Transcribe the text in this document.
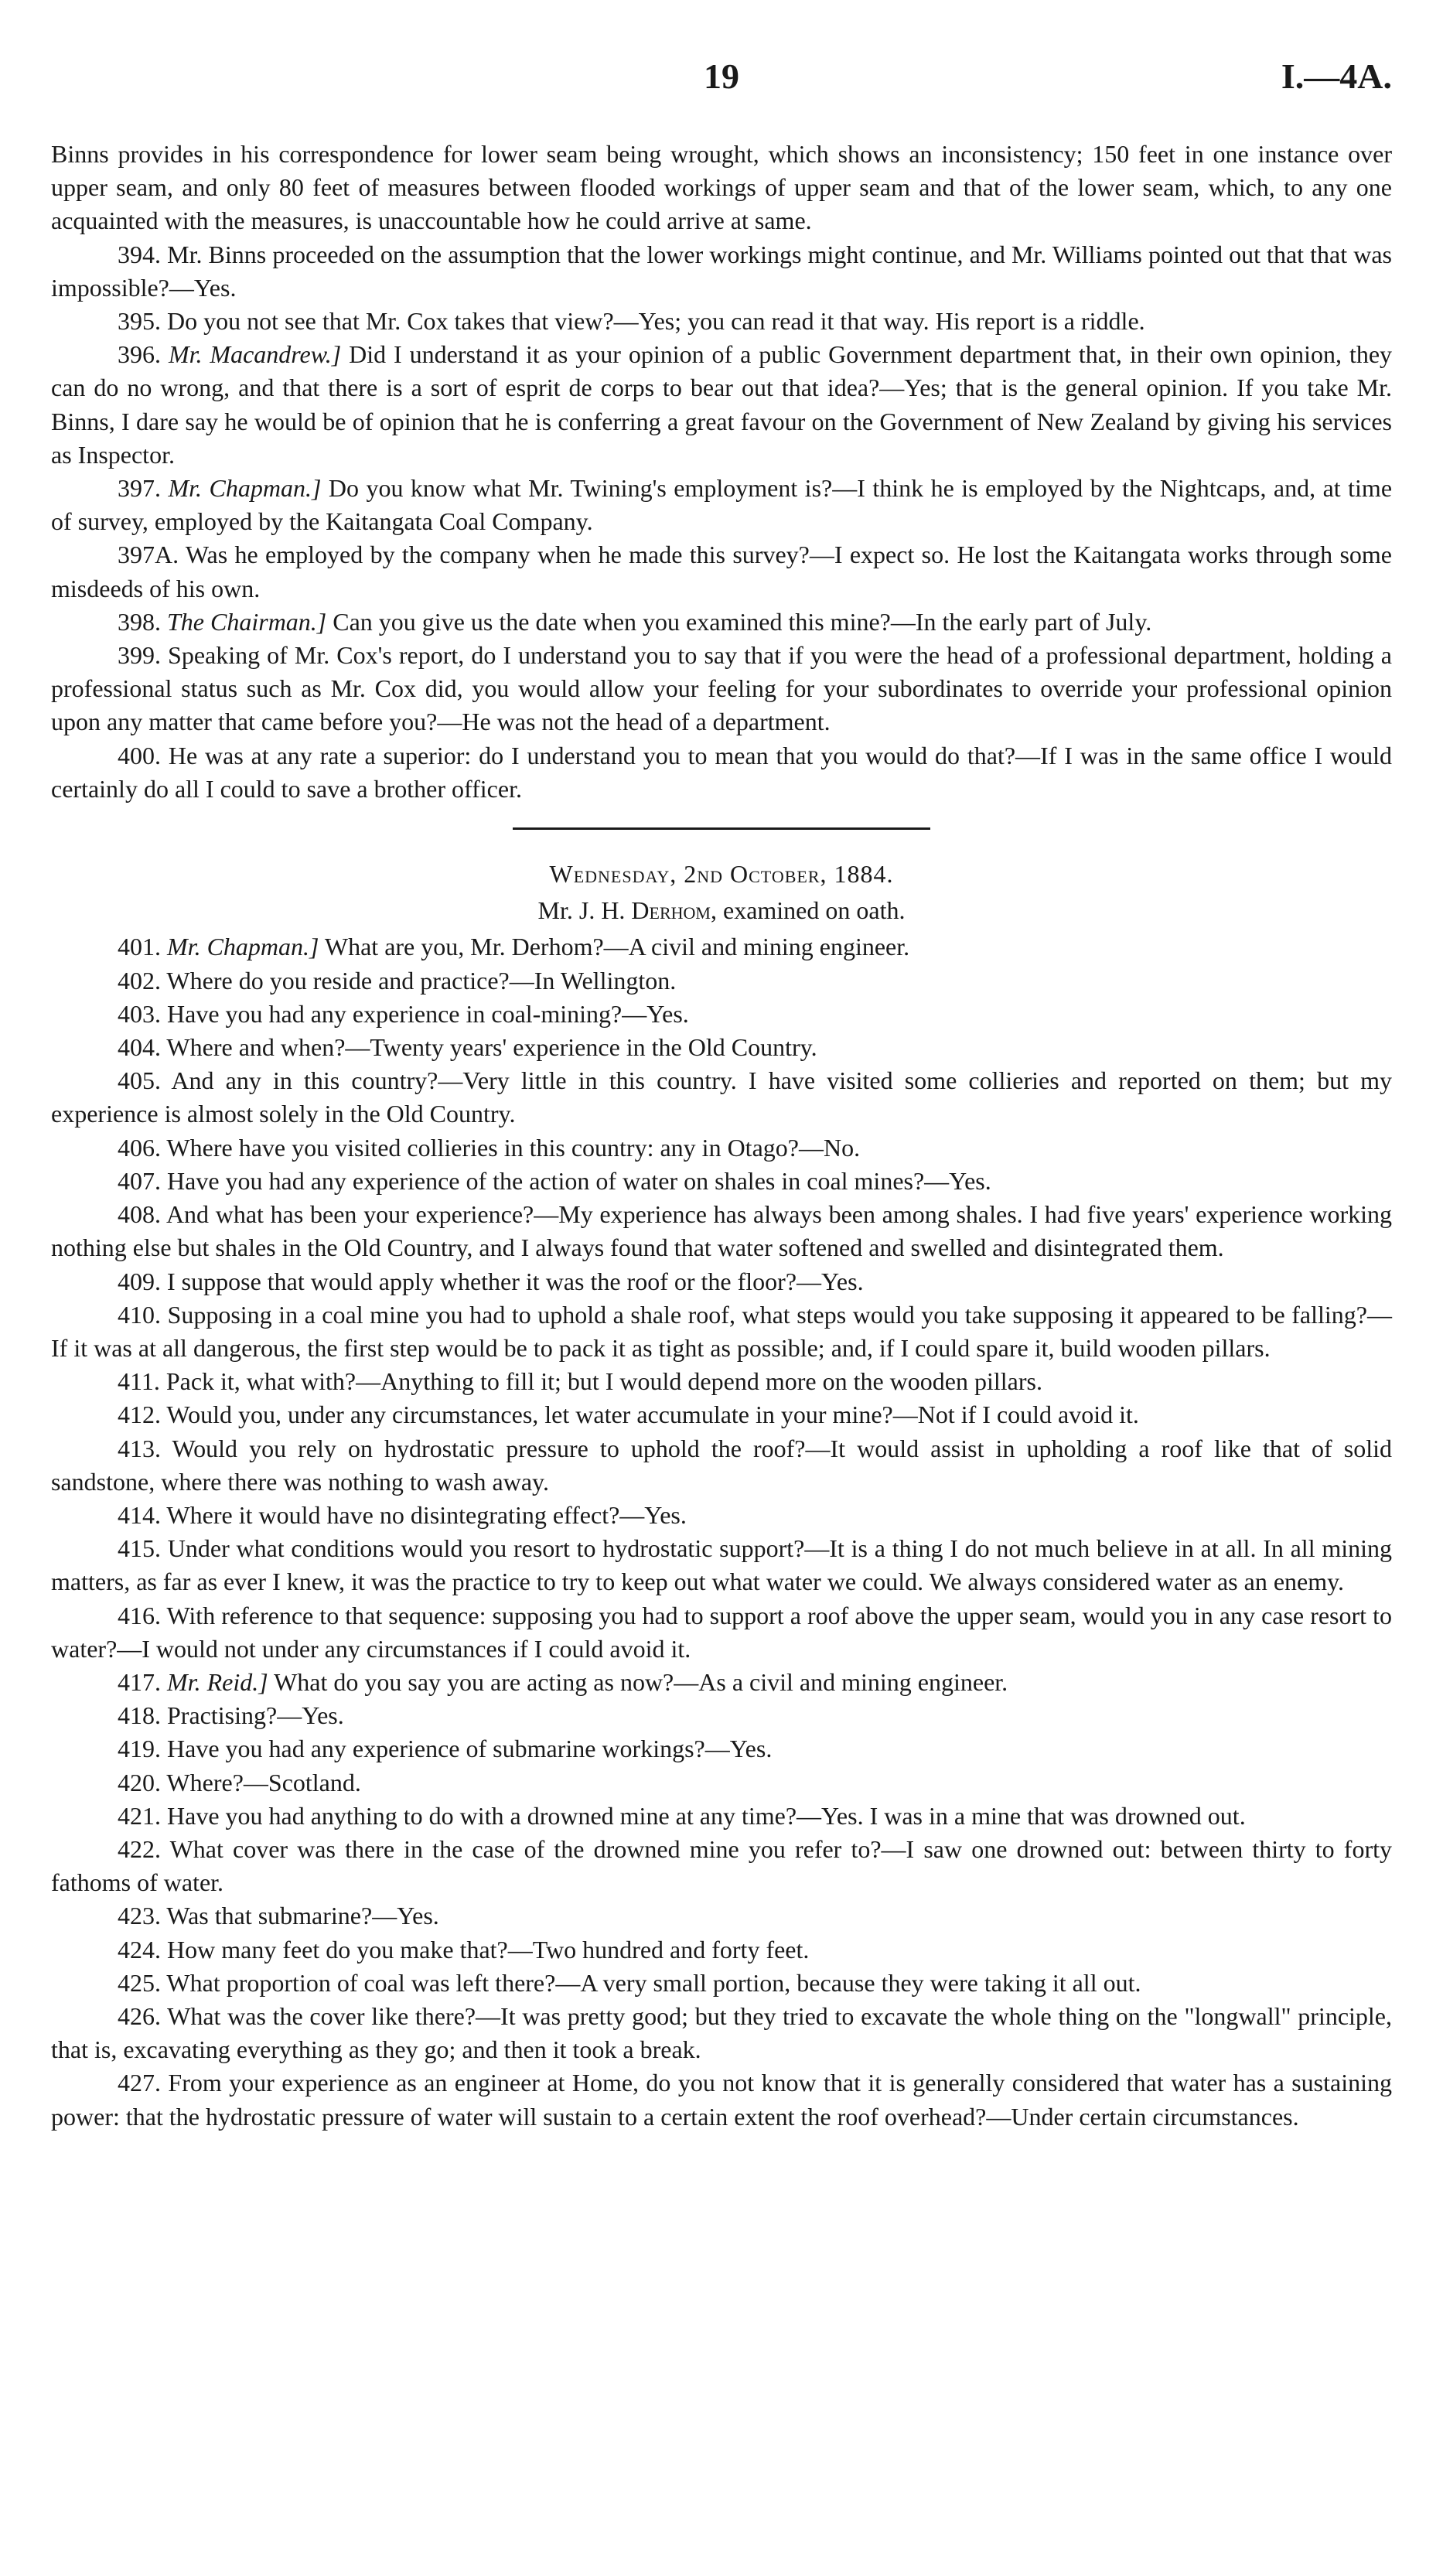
19	I.—4A.

Binns provides in his correspondence for lower seam being wrought, which shows an inconsistency; 150 feet in one instance over upper seam, and only 80 feet of measures between flooded workings of upper seam and that of the lower seam, which, to any one acquainted with the measures, is unaccountable how he could arrive at same.

394. Mr. Binns proceeded on the assumption that the lower workings might continue, and Mr. Williams pointed out that that was impossible?—Yes.

395. Do you not see that Mr. Cox takes that view?—Yes; you can read it that way. His report is a riddle.

396. Mr. Macandrew.] Did I understand it as your opinion of a public Government department that, in their own opinion, they can do no wrong, and that there is a sort of esprit de corps to bear out that idea?—Yes; that is the general opinion. If you take Mr. Binns, I dare say he would be of opinion that he is conferring a great favour on the Government of New Zealand by giving his services as Inspector.

397. Mr. Chapman.] Do you know what Mr. Twining's employment is?—I think he is employed by the Nightcaps, and, at time of survey, employed by the Kaitangata Coal Company.

397A. Was he employed by the company when he made this survey?—I expect so. He lost the Kaitangata works through some misdeeds of his own.

398. The Chairman.] Can you give us the date when you examined this mine?—In the early part of July.

399. Speaking of Mr. Cox's report, do I understand you to say that if you were the head of a professional department, holding a professional status such as Mr. Cox did, you would allow your feeling for your subordinates to override your professional opinion upon any matter that came before you?—He was not the head of a department.

400. He was at any rate a superior: do I understand you to mean that you would do that?—If I was in the same office I would certainly do all I could to save a brother officer.

Wednesday, 2nd October, 1884.

Mr. J. H. Derhom, examined on oath.

401. Mr. Chapman.] What are you, Mr. Derhom?—A civil and mining engineer.

402. Where do you reside and practice?—In Wellington.

403. Have you had any experience in coal-mining?—Yes.

404. Where and when?—Twenty years' experience in the Old Country.

405. And any in this country?—Very little in this country. I have visited some collieries and reported on them; but my experience is almost solely in the Old Country.

406. Where have you visited collieries in this country: any in Otago?—No.

407. Have you had any experience of the action of water on shales in coal mines?—Yes.

408. And what has been your experience?—My experience has always been among shales. I had five years' experience working nothing else but shales in the Old Country, and I always found that water softened and swelled and disintegrated them.

409. I suppose that would apply whether it was the roof or the floor?—Yes.

410. Supposing in a coal mine you had to uphold a shale roof, what steps would you take supposing it appeared to be falling?—If it was at all dangerous, the first step would be to pack it as tight as possible; and, if I could spare it, build wooden pillars.

411. Pack it, what with?—Anything to fill it; but I would depend more on the wooden pillars.

412. Would you, under any circumstances, let water accumulate in your mine?—Not if I could avoid it.

413. Would you rely on hydrostatic pressure to uphold the roof?—It would assist in upholding a roof like that of solid sandstone, where there was nothing to wash away.

414. Where it would have no disintegrating effect?—Yes.

415. Under what conditions would you resort to hydrostatic support?—It is a thing I do not much believe in at all. In all mining matters, as far as ever I knew, it was the practice to try to keep out what water we could. We always considered water as an enemy.

416. With reference to that sequence: supposing you had to support a roof above the upper seam, would you in any case resort to water?—I would not under any circumstances if I could avoid it.

417. Mr. Reid.] What do you say you are acting as now?—As a civil and mining engineer.

418. Practising?—Yes.

419. Have you had any experience of submarine workings?—Yes.

420. Where?—Scotland.

421. Have you had anything to do with a drowned mine at any time?—Yes. I was in a mine that was drowned out.

422. What cover was there in the case of the drowned mine you refer to?—I saw one drowned out: between thirty to forty fathoms of water.

423. Was that submarine?—Yes.

424. How many feet do you make that?—Two hundred and forty feet.

425. What proportion of coal was left there?—A very small portion, because they were taking it all out.

426. What was the cover like there?—It was pretty good; but they tried to excavate the whole thing on the "longwall" principle, that is, excavating everything as they go; and then it took a break.

427. From your experience as an engineer at Home, do you not know that it is generally considered that water has a sustaining power: that the hydrostatic pressure of water will sustain to a certain extent the roof overhead?—Under certain circumstances.
